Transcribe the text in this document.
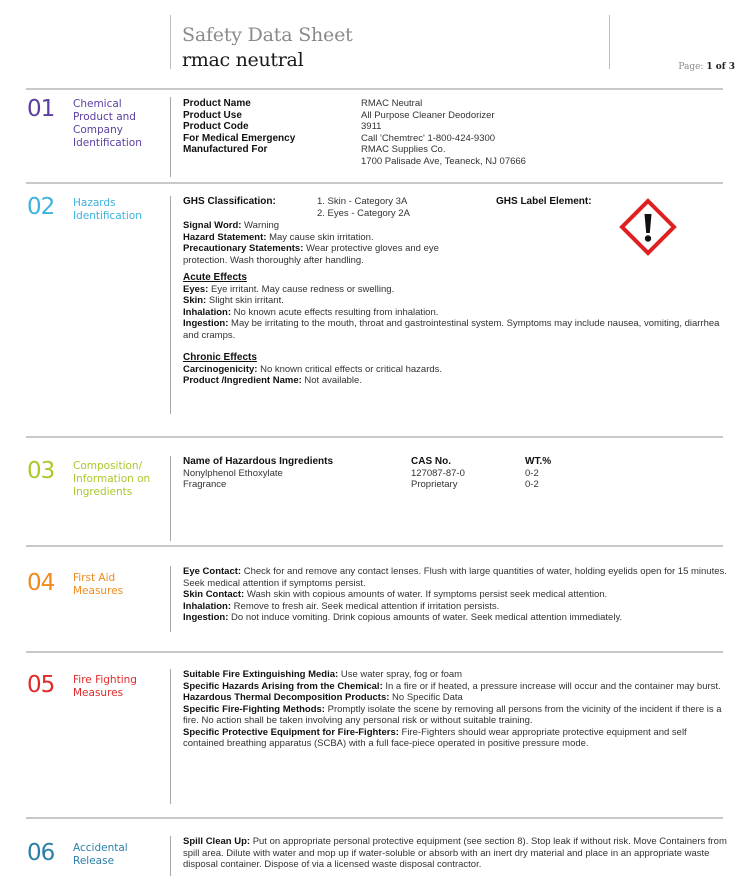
Safety Data Sheet
rmac neutral	Page: 1 of 3
01 Chemical Product and Company Identification
Product Name	RMAC Neutral
Product Use	All Purpose Cleaner Deodorizer
Product Code	3911
For Medical Emergency	Call 'Chemtrec' 1-800-424-9300
Manufactured For	RMAC Supplies Co.
1700 Palisade Ave, Teaneck, NJ 07666
02 Hazards Identification
GHS Classification:	1. Skin - Category 3A
2. Eyes - Category 2A
GHS Label Element:
Signal Word: Warning
Hazard Statement: May cause skin irritation.
Precautionary Statements: Wear protective gloves and eye protection. Wash thoroughly after handling.
Acute Effects
Eyes: Eye irritant. May cause redness or swelling.
Skin: Slight skin irritant.
Inhalation: No known acute effects resulting from inhalation.
Ingestion: May be irritating to the mouth, throat and gastrointestinal system. Symptoms may include nausea, vomiting, diarrhea and cramps.
Chronic Effects
Carcinogenicity: No known critical effects or critical hazards.
Product /Ingredient Name: Not available.
03 Composition/ Information on Ingredients
Name of Hazardous Ingredients	CAS No.	WT.%
Nonylphenol Ethoxylate	127087-87-0	0-2
Fragrance	Proprietary	0-2
04 First Aid Measures
Eye Contact: Check for and remove any contact lenses. Flush with large quantities of water, holding eyelids open for 15 minutes. Seek medical attention if symptoms persist.
Skin Contact: Wash skin with copious amounts of water. If symptoms persist seek medical attention.
Inhalation: Remove to fresh air. Seek medical attention if irritation persists.
Ingestion: Do not induce vomiting. Drink copious amounts of water. Seek medical attention immediately.
05 Fire Fighting Measures
Suitable Fire Extinguishing Media: Use water spray, fog or foam
Specific Hazards Arising from the Chemical: In a fire or if heated, a pressure increase will occur and the container may burst.
Hazardous Thermal Decomposition Products: No Specific Data
Specific Fire-Fighting Methods: Promptly isolate the scene by removing all persons from the vicinity of the incident if there is a fire. No action shall be taken involving any personal risk or without suitable training.
Specific Protective Equipment for Fire-Fighters: Fire-Fighters should wear appropriate protective equipment and self contained breathing apparatus (SCBA) with a full face-piece operated in positive pressure mode.
06 Accidental Release
Spill Clean Up: Put on appropriate personal protective equipment (see section 8). Stop leak if without risk. Move Containers from spill area. Dilute with water and mop up if water-soluble or absorb with an inert dry material and place in an appropriate waste disposal container. Dispose of via a licensed waste disposal contractor.
